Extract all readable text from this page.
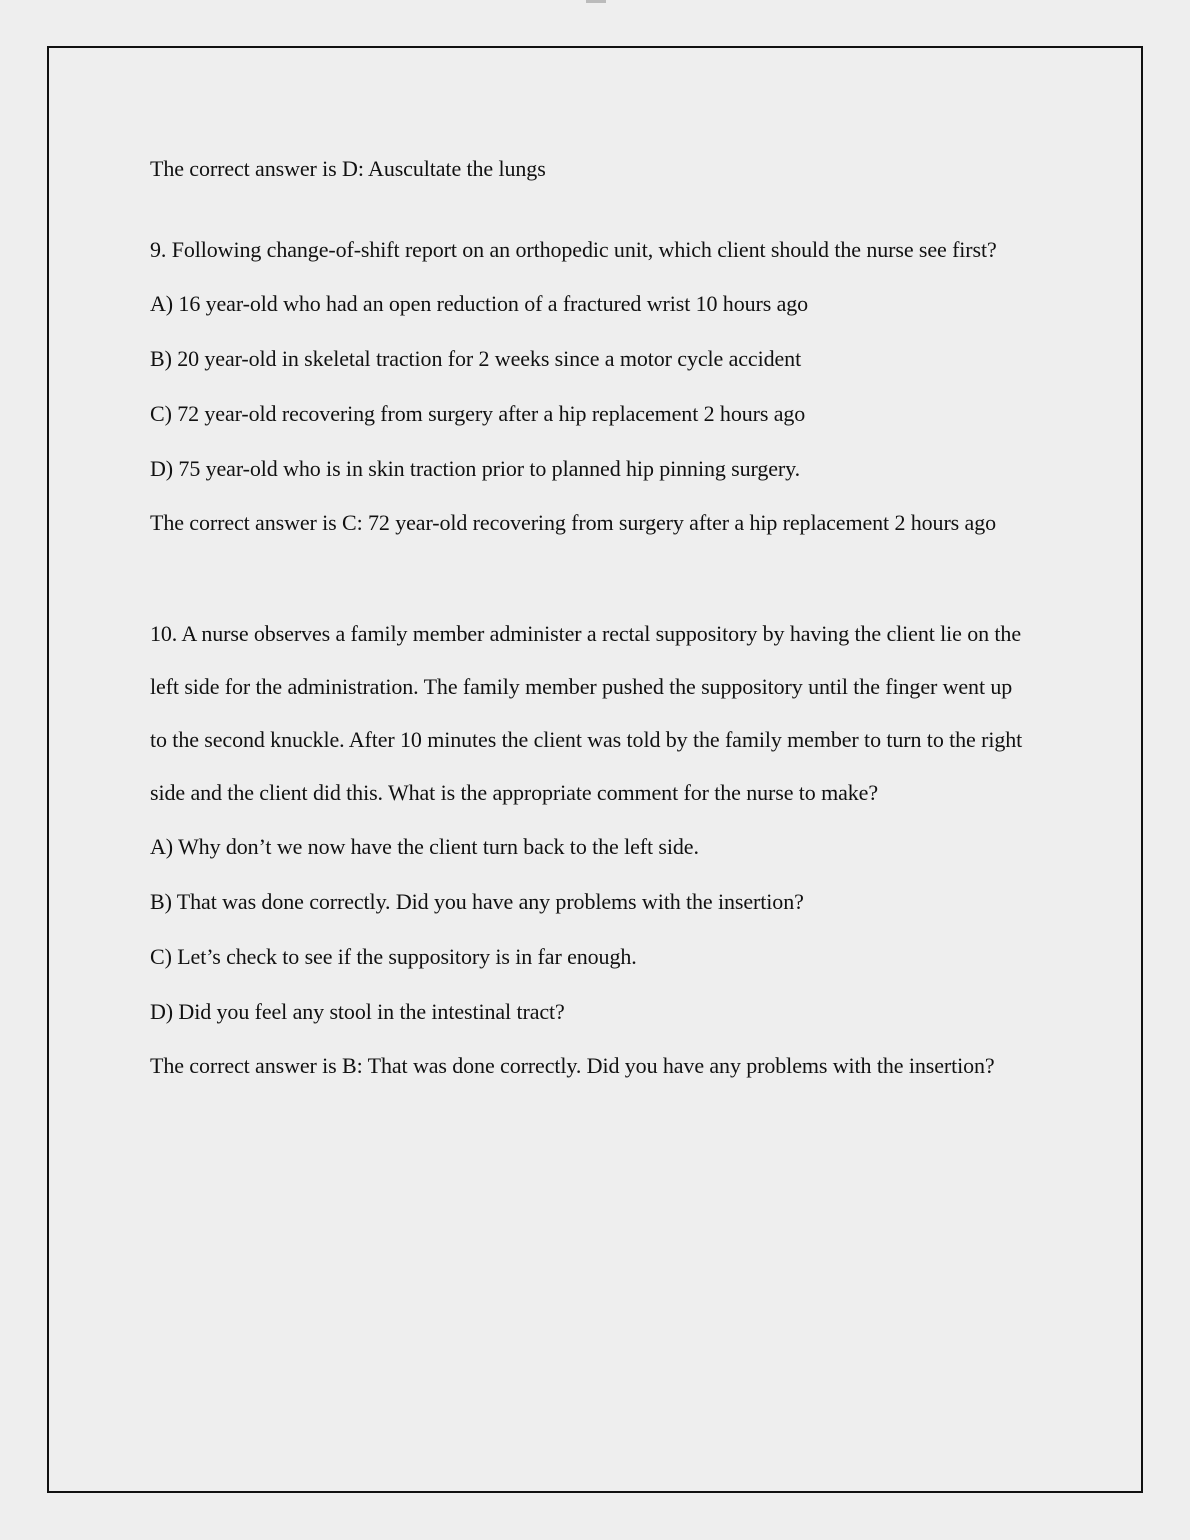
The correct answer is D: Auscultate the lungs

9. Following change-of-shift report on an orthopedic unit, which client should the nurse see first?

A) 16 year-old who had an open reduction of a fractured wrist 10 hours ago

B) 20 year-old in skeletal traction for 2 weeks since a motor cycle accident

C) 72 year-old recovering from surgery after a hip replacement 2 hours ago

D) 75 year-old who is in skin traction prior to planned hip pinning surgery.

The correct answer is C: 72 year-old recovering from surgery after a hip replacement 2 hours ago

10. A nurse observes a family member administer a rectal suppository by having the client lie on the left side for the administration. The family member pushed the suppository until the finger went up to the second knuckle. After 10 minutes the client was told by the family member to turn to the right side and the client did this. What is the appropriate comment for the nurse to make?

A) Why don’t we now have the client turn back to the left side.

B) That was done correctly. Did you have any problems with the insertion?

C) Let’s check to see if the suppository is in far enough.

D) Did you feel any stool in the intestinal tract?

The correct answer is B: That was done correctly. Did you have any problems with the insertion?
